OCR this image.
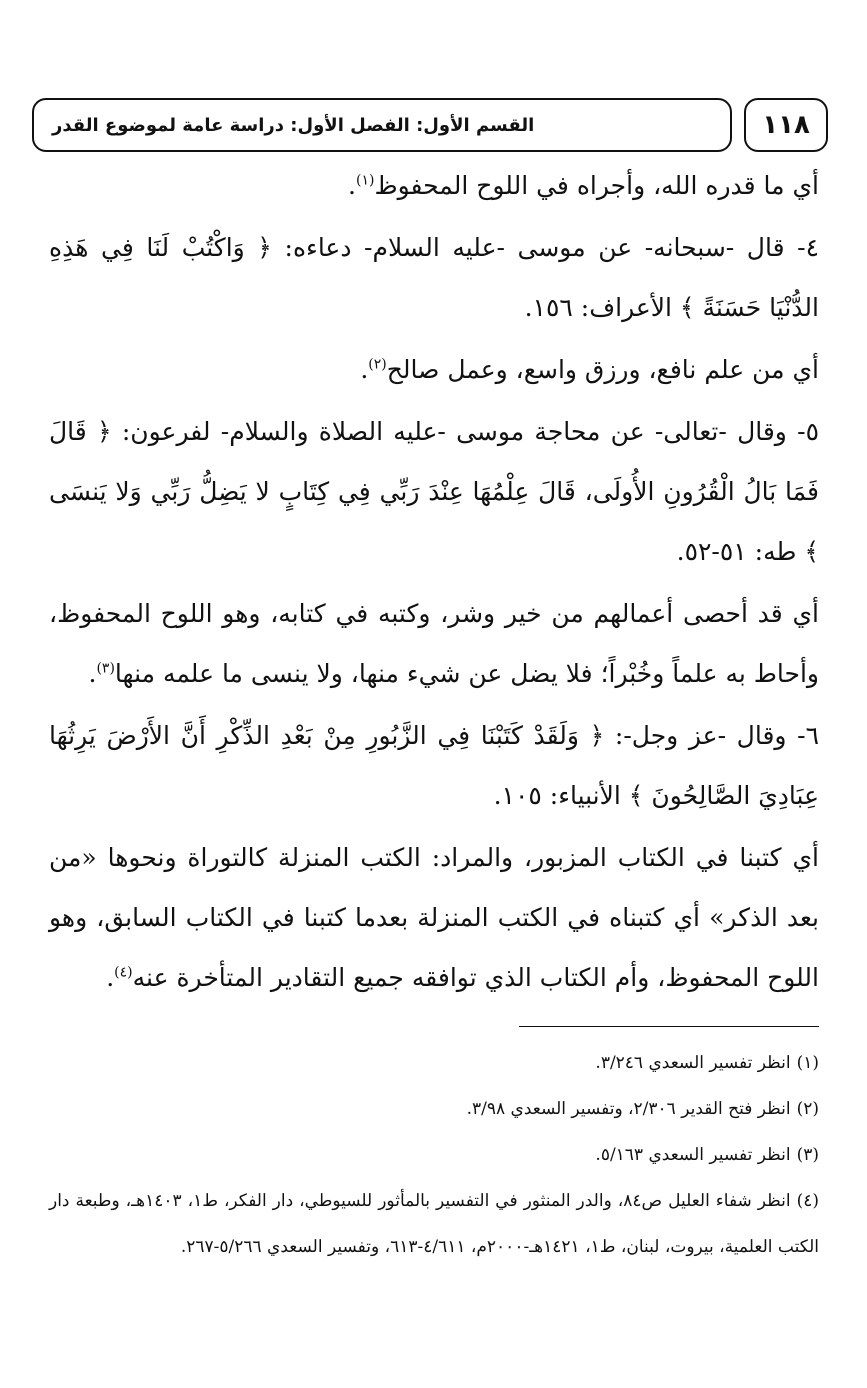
١١٨
القسم الأول: الفصل الأول: دراسة عامة لموضوع القدر

أي ما قدره الله، وأجراه في اللوح المحفوظ$^{(١)}$.

٤- قال -سبحانه- عن موسى -عليه السلام- دعاءه: ﴿ وَاكْتُبْ لَنَا فِي هَذِهِ الدُّنْيَا حَسَنَةً ﴾ الأعراف: ١٥٦.

أي من علم نافع، ورزق واسع، وعمل صالح$^{(٢)}$.

٥- وقال -تعالى- عن محاجة موسى -عليه الصلاة والسلام- لفرعون: ﴿ قَالَ فَمَا بَالُ الْقُرُونِ الأُولَى، قَالَ عِلْمُهَا عِنْدَ رَبِّي فِي كِتَابٍ لا يَضِلُّ رَبِّي وَلا يَنسَى ﴾ طه: ٥١-٥٢.

أي قد أحصى أعمالهم من خير وشر، وكتبه في كتابه، وهو اللوح المحفوظ، وأحاط به علماً وخُبْراً؛ فلا يضل عن شيء منها، ولا ينسى ما علمه منها$^{(٣)}$.

٦- وقال -عز وجل-: ﴿ وَلَقَدْ كَتَبْنَا فِي الزَّبُورِ مِنْ بَعْدِ الذِّكْرِ أَنَّ الأَرْضَ يَرِثُهَا عِبَادِيَ الصَّالِحُونَ ﴾ الأنبياء: ١٠٥.

أي كتبنا في الكتاب المزبور، والمراد: الكتب المنزلة كالتوراة ونحوها «من بعد الذكر» أي كتبناه في الكتب المنزلة بعدما كتبنا في الكتاب السابق، وهو اللوح المحفوظ، وأم الكتاب الذي توافقه جميع التقادير المتأخرة عنه$^{(٤)}$.

(١)انظر تفسير السعدي ٣/٢٤٦.

(٢)انظر فتح القدير ٢/٣٠٦، وتفسير السعدي ٣/٩٨.

(٣)انظر تفسير السعدي ٥/١٦٣.

(٤)انظر شفاء العليل ص٨٤، والدر المنثور في التفسير بالمأثور للسيوطي، دار الفكر، ط١، ١٤٠٣هـ، وطبعة دار الكتب العلمية، بيروت، لبنان، ط١، ١٤٢١هـ-٢٠٠٠م، ٤/٦١١-٦١٣، وتفسير السعدي ٥/٢٦٦-٢٦٧.
